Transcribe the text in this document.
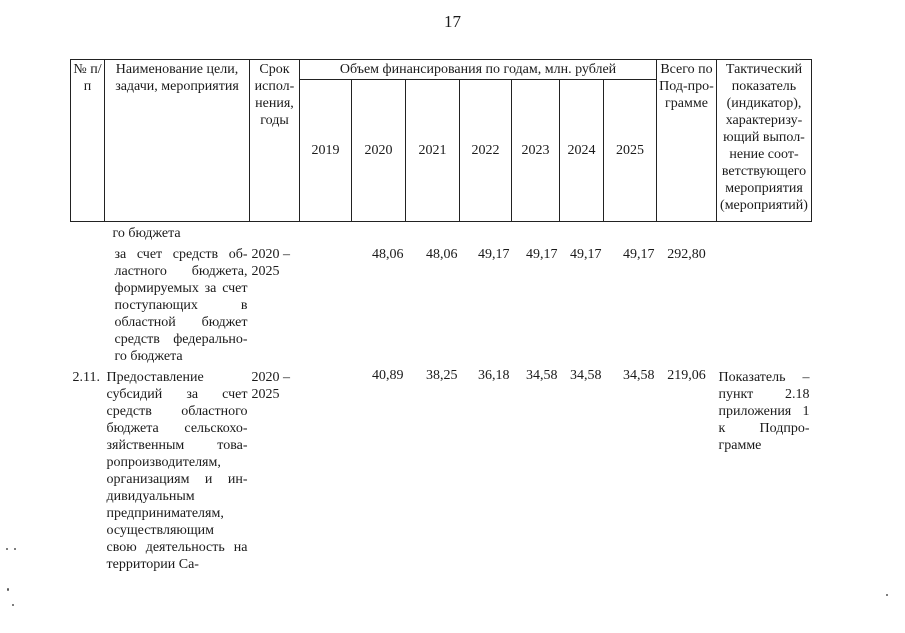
17
№ п/п	Наименование цели, задачи, мероприятия	Срок испол-нения, годы	Объем финансирования по годам, млн. рублей							Всего по Под-про-грамме	Тактический показатель (индикатор), характеризу-ющий выпол-нение соот-ветствующего мероприятия (мероприятий)
			2019	2020	2021	2022	2023	2024	2025		
	го бюджета										
	за счет средств об-ластного бюджета, формируемых за счет поступающих в областной бюджет средств федерально-го бюджета	2020 – 2025		48,06	48,06	49,17	49,17	49,17	49,17	292,80	
2.11.	Предоставление субсидий за счет средств областного бюджета сельскохо-зяйственным това-ропроизводителям, организациям и ин-дивидуальным предпринимателям, осуществляющим свою деятельность на территории Са-	2020 – 2025		40,89	38,25	36,18	34,58	34,58	34,58	219,06	Показатель – пункт 2.18 приложения 1 к Подпро-грамме
